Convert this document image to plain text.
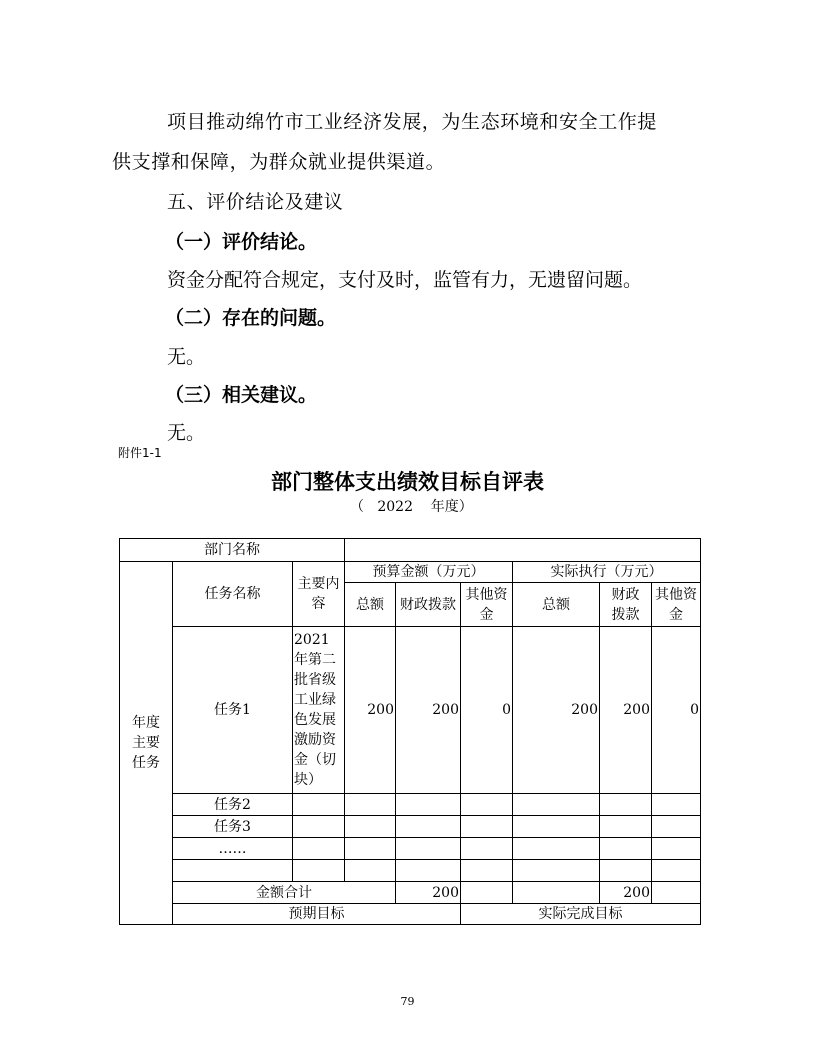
项目推动绵竹市工业经济发展，为生态环境和安全工作提
供支撑和保障，为群众就业提供渠道。
五、评价结论及建议
（一）评价结论。
资金分配符合规定，支付及时，监管有力，无遗留问题。
（二）存在的问题。
无。
（三）相关建议。
无。
附件1-1
部门整体支出绩效目标自评表
（   2022    年度）
部门名称								
年度主要任务	任务名称	主要内容	预算金额（万元）			实际执行（万元）		
			总额	财政拨款	其他资金	总额	财政拨款	其他资金
	任务1	2021年第二批省级工业绿色发展激励资金（切块）	200	200	0	200	200	0
	任务2							
	任务3							
	……							

	金额合计			200			200	
	预期目标				实际完成目标			
79
